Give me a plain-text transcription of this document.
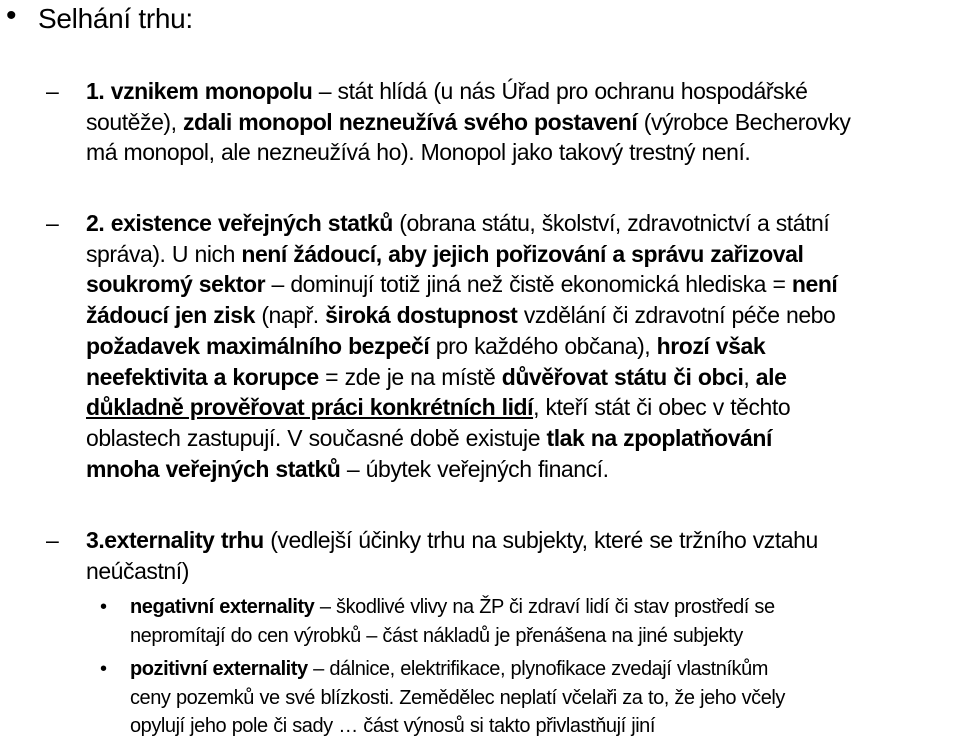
• Selhání trhu:
–	1. vznikem monopolu – stát hlídá (u nás Úřad pro ochranu hospodářské
soutěže), zdali monopol nezneužívá svého postavení (výrobce Becherovky
má monopol, ale nezneužívá ho). Monopol jako takový trestný není.
–	2. existence veřejných statků (obrana státu, školství, zdravotnictví a státní
správa). U nich není žádoucí, aby jejich pořizování a správu zařizoval
soukromý sektor – dominují totiž jiná než čistě ekonomická hlediska = není
žádoucí jen zisk (např. široká dostupnost vzdělání či zdravotní péče nebo
požadavek maximálního bezpečí pro každého občana), hrozí však
neefektivita a korupce = zde je na místě důvěřovat státu či obci, ale
důkladně prověřovat práci konkrétních lidí, kteří stát či obec v těchto
oblastech zastupují. V současné době existuje tlak na zpoplatňování
mnoha veřejných statků – úbytek veřejných financí.
–	3.externality trhu (vedlejší účinky trhu na subjekty, které se tržního vztahu
neúčastní)
• negativní externality – škodlivé vlivy na ŽP či zdraví lidí či stav prostředí se
nepromítají do cen výrobků – část nákladů je přenášena na jiné subjekty
• pozitivní externality – dálnice, elektrifikace, plynofikace zvedají vlastníkům
ceny pozemků ve své blízkosti. Zemědělec neplatí včelaři za to, že jeho včely
opylují jeho pole či sady … část výnosů si takto přivlastňují jiní
